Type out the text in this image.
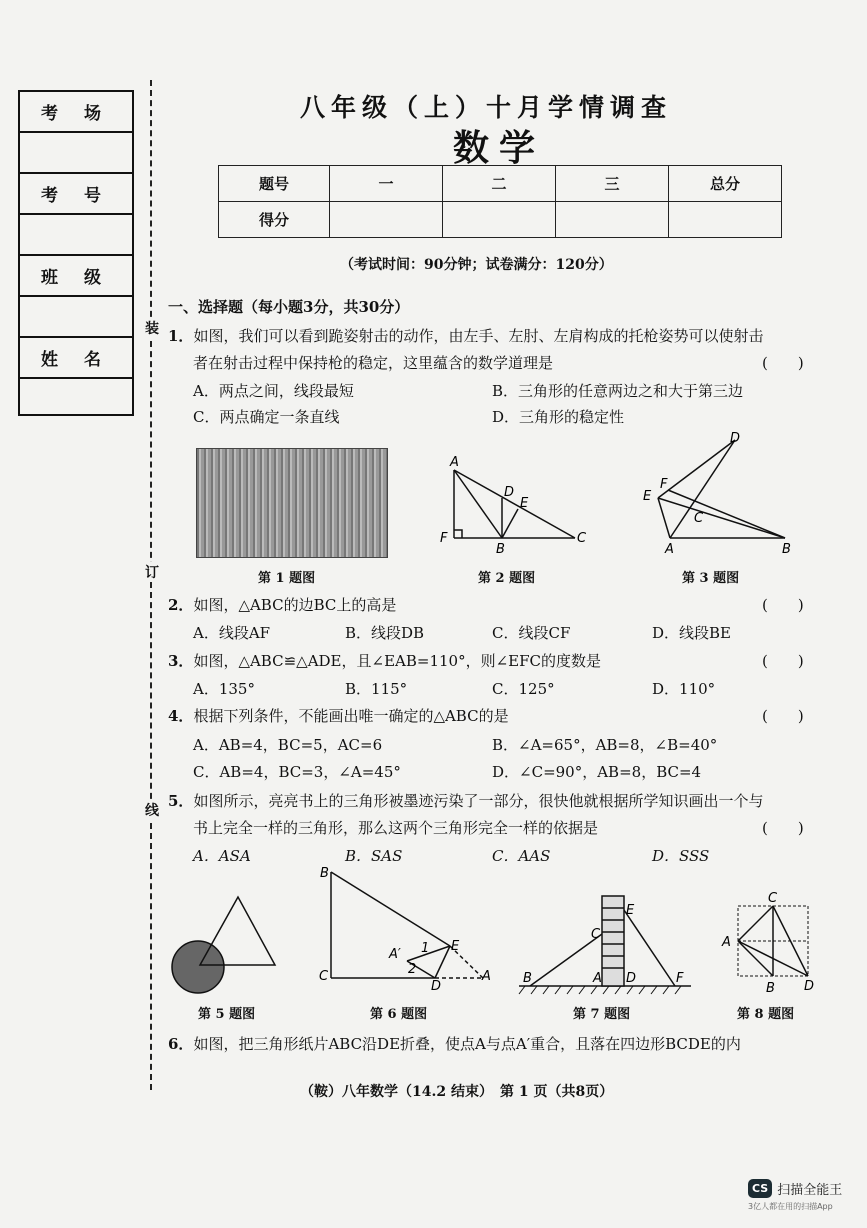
考 场
考 号
班 级
姓 名
装
订
线
八年级（上）十月学情调查
数学
题号	一	二	三	总分
得分				
（考试时间：90分钟；试卷满分：120分）
一、选择题（每小题3分，共30分）
1．如图，我们可以看到跪姿射击的动作，由左手、左肘、左肩构成的托枪姿势可以使射击
者在射击过程中保持枪的稳定，这里蕴含的数学道理是	(　　)
A．两点之间，线段最短	B．三角形的任意两边之和大于第三边
C．两点确定一条直线	D．三角形的稳定性
A
D
E
F
B
C
D
E
F
C
A	B
第 1 题图	第 2 题图	第 3 题图
2．如图，△ABC的边BC上的高是	(　　)
A．线段AF	B．线段DB	C．线段CF	D．线段BE
3．如图，△ABC≌△ADE，且∠EAB=110°，则∠EFC的度数是	(　　)
A．135°	B．115°	C．125°	D．110°
4．根据下列条件，不能画出唯一确定的△ABC的是	(　　)
A．AB=4，BC=5，AC=6	B．∠A=65°，AB=8，∠B=40°
C．AB=4，BC=3，∠A=45°	D．∠C=90°，AB=8，BC=4
5．如图所示，亮亮书上的三角形被墨迹污染了一部分，很快他就根据所学知识画出一个与
书上完全一样的三角形，那么这两个三角形完全一样的依据是	(　　)
A．ASA	B．SAS	C．AAS	D．SSS
B
A′ 1
2
E
C
D
A
E
C
B	A D	F
C
A
B D
第 5 题图	第 6 题图	第 7 题图	第 8 题图
6．如图，把三角形纸片ABC沿DE折叠，使点A与点A′重合，且落在四边形BCDE的内
（鞍）八年数学（14.2 结束）　第 1 页（共8页）
CS 扫描全能王
3亿人都在用的扫描App
